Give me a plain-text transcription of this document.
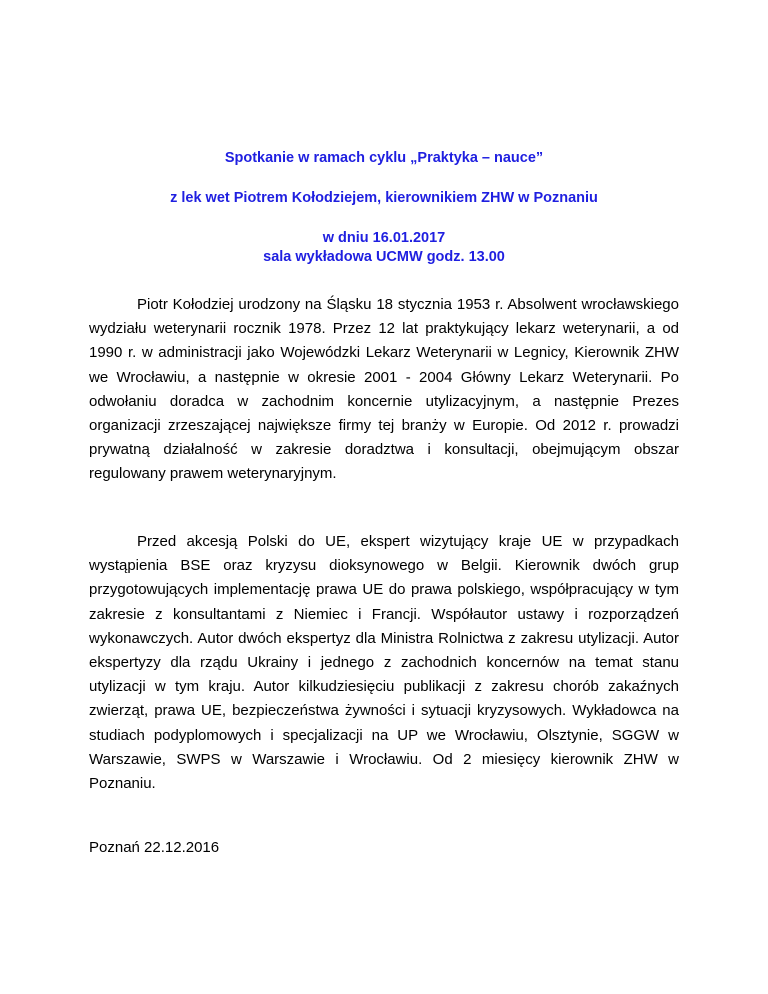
Spotkanie w ramach cyklu „Praktyka – nauce”
z lek wet Piotrem Kołodziejem, kierownikiem ZHW w Poznaniu
w dniu 16.01.2017
sala wykładowa UCMW godz. 13.00

Piotr Kołodziej urodzony na Śląsku 18 stycznia 1953 r. Absolwent wrocławskiego wydziału weterynarii rocznik 1978. Przez 12 lat praktykujący lekarz weterynarii, a od 1990 r. w administracji jako Wojewódzki Lekarz Weterynarii w Legnicy, Kierownik ZHW we Wrocławiu, a następnie w okresie 2001 - 2004 Główny Lekarz Weterynarii. Po odwołaniu doradca w zachodnim koncernie utylizacyjnym, a następnie Prezes organizacji zrzeszającej największe firmy tej branży w Europie. Od 2012 r. prowadzi prywatną działalność w zakresie doradztwa i konsultacji, obejmującym obszar regulowany prawem weterynaryjnym.

Przed akcesją Polski do UE, ekspert wizytujący kraje UE w przypadkach wystąpienia BSE oraz kryzysu dioksynowego w Belgii. Kierownik dwóch grup przygotowujących implementację prawa UE do prawa polskiego, współpracujący w tym zakresie z konsultantami z Niemiec i Francji. Współautor ustawy i rozporządzeń wykonawczych. Autor dwóch ekspertyz dla Ministra Rolnictwa z zakresu utylizacji. Autor ekspertyzy dla rządu Ukrainy i jednego z zachodnich koncernów na temat stanu utylizacji w tym kraju. Autor kilkudziesięciu publikacji z zakresu chorób zakaźnych zwierząt, prawa UE, bezpieczeństwa żywności i sytuacji kryzysowych. Wykładowca na studiach podyplomowych i specjalizacji na UP we Wrocławiu, Olsztynie, SGGW w Warszawie, SWPS w Warszawie i Wrocławiu. Od 2 miesięcy kierownik ZHW w Poznaniu.

Poznań 22.12.2016
